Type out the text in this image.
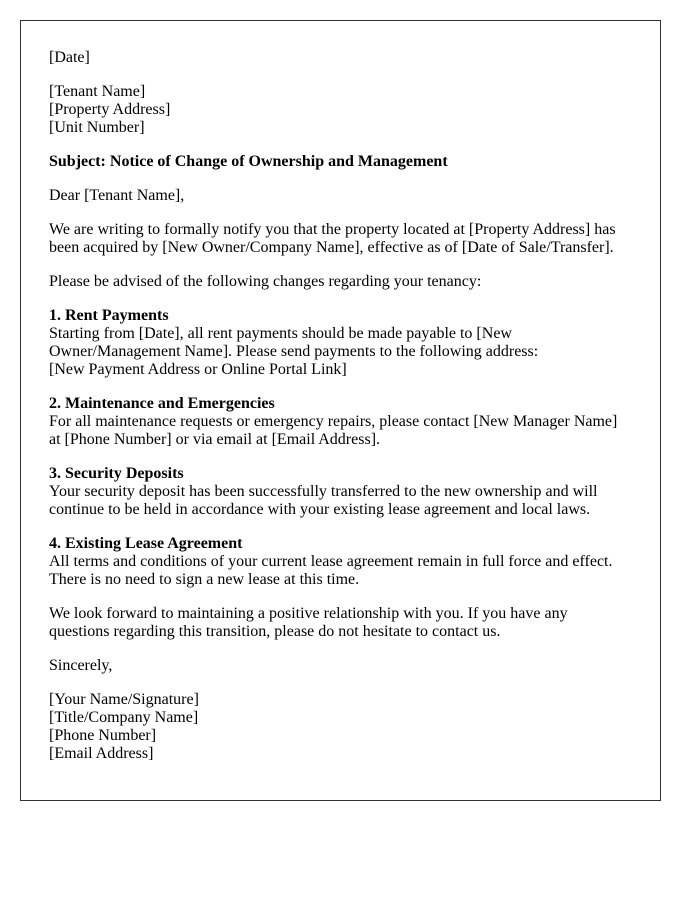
[Date]

[Tenant Name]
[Property Address]
[Unit Number]

Subject: Notice of Change of Ownership and Management

Dear [Tenant Name],

We are writing to formally notify you that the property located at [Property Address] has been acquired by [New Owner/Company Name], effective as of [Date of Sale/Transfer].

Please be advised of the following changes regarding your tenancy:

1. Rent Payments
Starting from [Date], all rent payments should be made payable to [New Owner/Management Name]. Please send payments to the following address:
[New Payment Address or Online Portal Link]

2. Maintenance and Emergencies
For all maintenance requests or emergency repairs, please contact [New Manager Name] at [Phone Number] or via email at [Email Address].

3. Security Deposits
Your security deposit has been successfully transferred to the new ownership and will continue to be held in accordance with your existing lease agreement and local laws.

4. Existing Lease Agreement
All terms and conditions of your current lease agreement remain in full force and effect. There is no need to sign a new lease at this time.

We look forward to maintaining a positive relationship with you. If you have any questions regarding this transition, please do not hesitate to contact us.

Sincerely,

[Your Name/Signature]
[Title/Company Name]
[Phone Number]
[Email Address]
